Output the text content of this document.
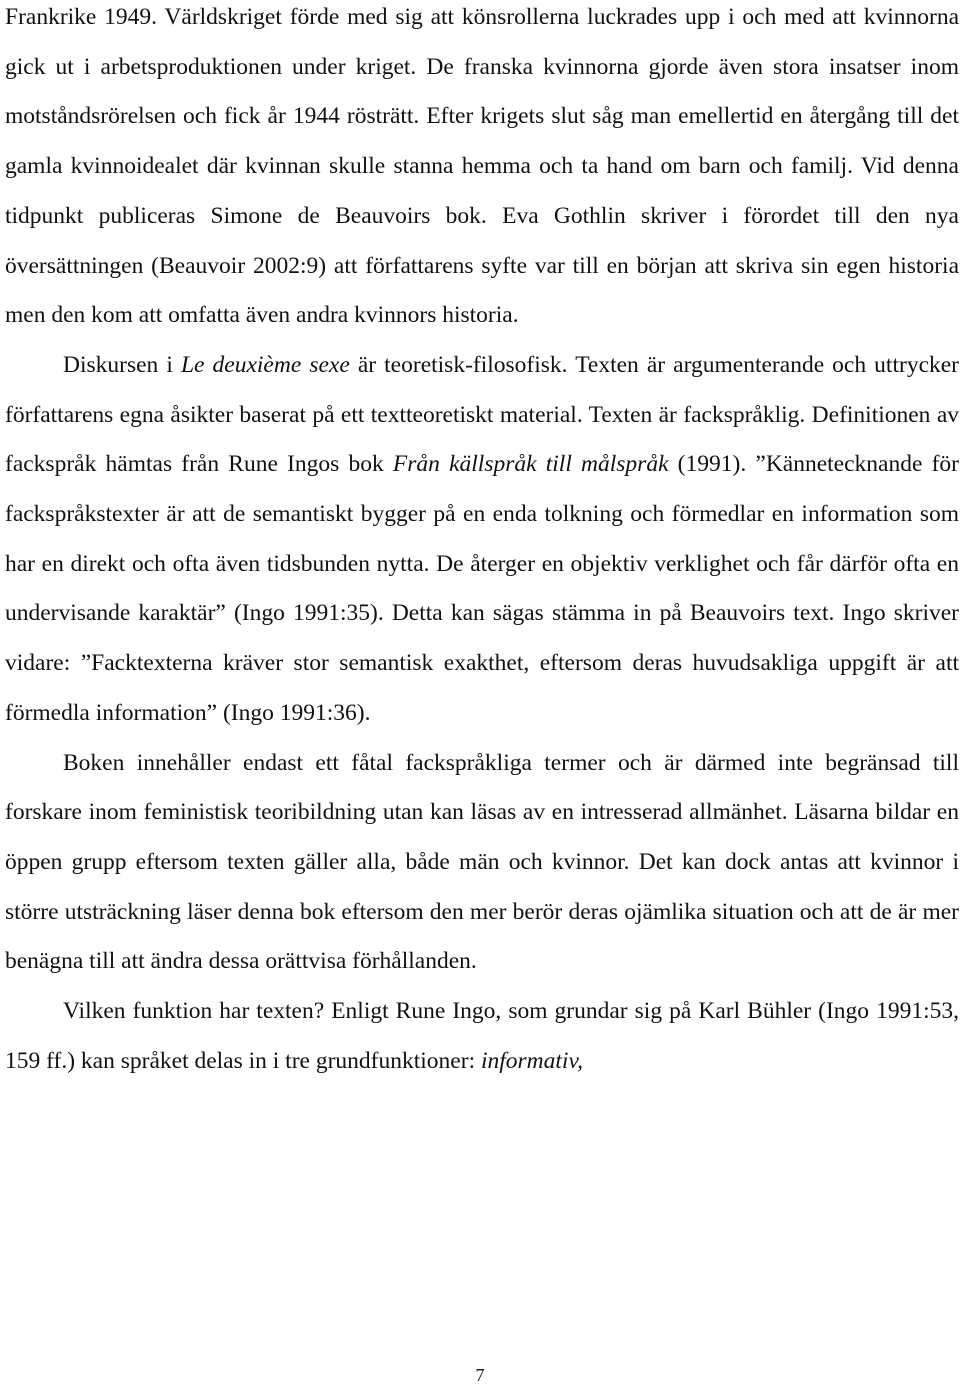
Frankrike 1949. Världskriget förde med sig att könsrollerna luckrades upp i och med att kvinnorna gick ut i arbetsproduktionen under kriget. De franska kvinnorna gjorde även stora insatser inom motståndsrörelsen och fick år 1944 rösträtt. Efter krigets slut såg man emellertid en återgång till det gamla kvinnoidealet där kvinnan skulle stanna hemma och ta hand om barn och familj. Vid denna tidpunkt publiceras Simone de Beauvoirs bok. Eva Gothlin skriver i förordet till den nya översättningen (Beauvoir 2002:9) att författarens syfte var till en början att skriva sin egen historia men den kom att omfatta även andra kvinnors historia.

Diskursen i Le deuxième sexe är teoretisk-filosofisk. Texten är argumenterande och uttrycker författarens egna åsikter baserat på ett textteoretiskt material. Texten är fackspråklig. Definitionen av fackspråk hämtas från Rune Ingos bok Från källspråk till målspråk (1991). ”Kännetecknande för fackspråkstexter är att de semantiskt bygger på en enda tolkning och förmedlar en information som har en direkt och ofta även tidsbunden nytta. De återger en objektiv verklighet och får därför ofta en undervisande karaktär” (Ingo 1991:35). Detta kan sägas stämma in på Beauvoirs text. Ingo skriver vidare: ”Facktexterna kräver stor semantisk exakthet, eftersom deras huvudsakliga uppgift är att förmedla information” (Ingo 1991:36).

Boken innehåller endast ett fåtal fackspråkliga termer och är därmed inte begränsad till forskare inom feministisk teoribildning utan kan läsas av en intresserad allmänhet. Läsarna bildar en öppen grupp eftersom texten gäller alla, både män och kvinnor. Det kan dock antas att kvinnor i större utsträckning läser denna bok eftersom den mer berör deras ojämlika situation och att de är mer benägna till att ändra dessa orättvisa förhållanden.

Vilken funktion har texten? Enligt Rune Ingo, som grundar sig på Karl Bühler (Ingo 1991:53, 159 ff.) kan språket delas in i tre grundfunktioner: informativ,

7
